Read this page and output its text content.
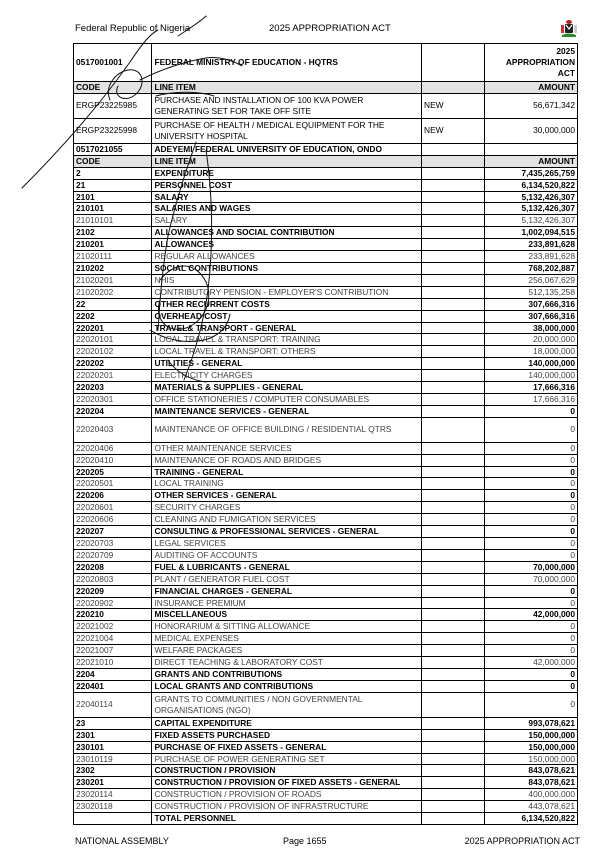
Federal Republic of Nigeria	2025 APPROPRIATION ACT
0517001001	FEDERAL MINISTRY OF EDUCATION - HQTRS		2025 APPROPRIATION ACT
CODE	LINE ITEM		AMOUNT
ERGP23225985	PURCHASE AND INSTALLATION OF 100 KVA POWER GENERATING SET FOR TAKE OFF SITE	NEW	56,671,342
ERGP23225998	PURCHASE OF HEALTH / MEDICAL EQUIPMENT FOR THE UNIVERSITY HOSPITAL	NEW	30,000,000
0517021055	ADEYEMI FEDERAL UNIVERSITY OF EDUCATION, ONDO		
CODE	LINE ITEM		AMOUNT
2	EXPENDITURE		7,435,265,759
21	PERSONNEL COST		6,134,520,822
2101	SALARY		5,132,426,307
210101	SALARIES AND WAGES		5,132,426,307
21010101	SALARY		5,132,426,307
2102	ALLOWANCES AND SOCIAL CONTRIBUTION		1,002,094,515
210201	ALLOWANCES		233,891,628
21020111	REGULAR ALLOWANCES		233,891,628
210202	SOCIAL CONTRIBUTIONS		768,202,887
21020201	NHIS		256,067,629
21020202	CONTRIBUTORY PENSION - EMPLOYER'S CONTRIBUTION		512,135,258
22	OTHER RECURRENT COSTS		307,666,316
2202	OVERHEAD COST		307,666,316
220201	TRAVEL& TRANSPORT - GENERAL		38,000,000
22020101	LOCAL TRAVEL & TRANSPORT: TRAINING		20,000,000
22020102	LOCAL TRAVEL & TRANSPORT: OTHERS		18,000,000
220202	UTILITIES - GENERAL		140,000,000
22020201	ELECTRICITY CHARGES		140,000,000
220203	MATERIALS & SUPPLIES - GENERAL		17,666,316
22020301	OFFICE STATIONERIES / COMPUTER CONSUMABLES		17,666,316
220204	MAINTENANCE SERVICES - GENERAL		0
22020403	MAINTENANCE OF OFFICE BUILDING / RESIDENTIAL QTRS		0
22020406	OTHER MAINTENANCE SERVICES		0
22020410	MAINTENANCE OF ROADS AND BRIDGES		0
220205	TRAINING - GENERAL		0
22020501	LOCAL TRAINING		0
220206	OTHER SERVICES - GENERAL		0
22020601	SECURITY CHARGES		0
22020606	CLEANING AND FUMIGATION SERVICES		0
220207	CONSULTING & PROFESSIONAL SERVICES - GENERAL		0
22020703	LEGAL SERVICES		0
22020709	AUDITING OF ACCOUNTS		0
220208	FUEL & LUBRICANTS - GENERAL		70,000,000
22020803	PLANT / GENERATOR FUEL COST		70,000,000
220209	FINANCIAL CHARGES - GENERAL		0
22020902	INSURANCE PREMIUM		0
220210	MISCELLANEOUS		42,000,000
22021002	HONORARIUM & SITTING ALLOWANCE		0
22021004	MEDICAL EXPENSES		0
22021007	WELFARE PACKAGES		0
22021010	DIRECT TEACHING & LABORATORY COST		42,000,000
2204	GRANTS AND CONTRIBUTIONS		0
220401	LOCAL GRANTS AND CONTRIBUTIONS		0
22040114	GRANTS TO COMMUNITIES / NON GOVERNMENTAL ORGANISATIONS (NGO)		0
23	CAPITAL EXPENDITURE		993,078,621
2301	FIXED ASSETS PURCHASED		150,000,000
230101	PURCHASE OF FIXED ASSETS - GENERAL		150,000,000
23010119	PURCHASE OF POWER GENERATING SET		150,000,000
2302	CONSTRUCTION / PROVISION		843,078,621
230201	CONSTRUCTION / PROVISION OF FIXED ASSETS - GENERAL		843,078,621
23020114	CONSTRUCTION / PROVISION OF ROADS		400,000,000
23020118	CONSTRUCTION / PROVISION OF INFRASTRUCTURE		443,078,621
	TOTAL PERSONNEL		6,134,520,822
NATIONAL ASSEMBLY	Page 1655	2025 APPROPRIATION ACT
